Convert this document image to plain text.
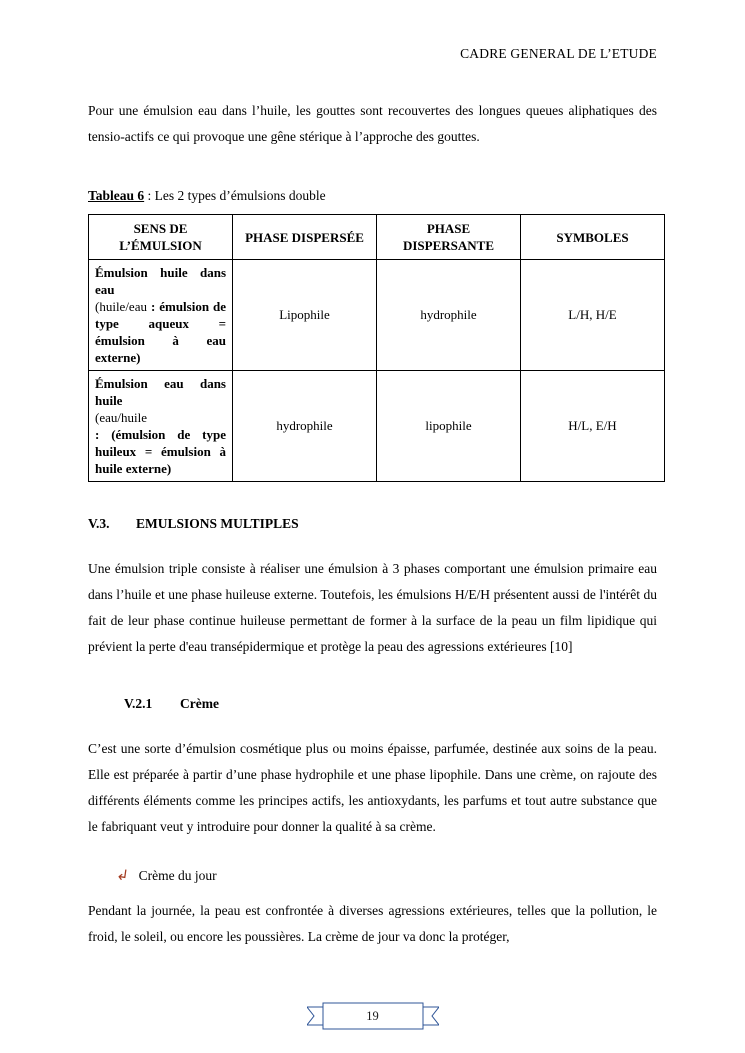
CADRE GENERAL DE L’ETUDE

Pour une émulsion eau dans l’huile, les gouttes sont recouvertes des longues queues aliphatiques des tensio-actifs ce qui provoque une gêne stérique à l’approche des gouttes.

Tableau 6 : Les 2 types d’émulsions double
SENS DE L’ÉMULSION	PHASE DISPERSÉE	PHASE DISPERSANTE	SYMBOLES
Émulsion huile dans eau
(huile/eau : émulsion de type aqueux = émulsion à eau externe)	Lipophile	hydrophile	L/H, H/E
Émulsion eau dans huile
(eau/huile
: (émulsion de type huileux = émulsion à huile externe)	hydrophile	lipophile	H/L, E/H
V.3. EMULSIONS MULTIPLES

Une émulsion triple consiste à réaliser une émulsion à 3 phases comportant une émulsion primaire eau dans l’huile et une phase huileuse externe. Toutefois, les émulsions H/E/H présentent aussi de l'intérêt du fait de leur phase continue huileuse permettant de former à la surface de la peau un film lipidique qui prévient la perte d'eau transépidermique et protège la peau des agressions extérieures [10]

V.2.1 Crème

C’est une sorte d’émulsion cosmétique plus ou moins épaisse, parfumée, destinée aux soins de la peau. Elle est préparée à partir d’une phase hydrophile et une phase lipophile. Dans une crème, on rajoute des différents éléments comme les principes actifs, les antioxydants, les parfums et tout autre substance que le fabriquant veut y introduire pour donner la qualité à sa crème.

↲ Crème du jour

Pendant la journée, la peau est confrontée à diverses agressions extérieures, telles que la pollution, le froid, le soleil, ou encore les poussières. La crème de jour va donc la protéger,

19
